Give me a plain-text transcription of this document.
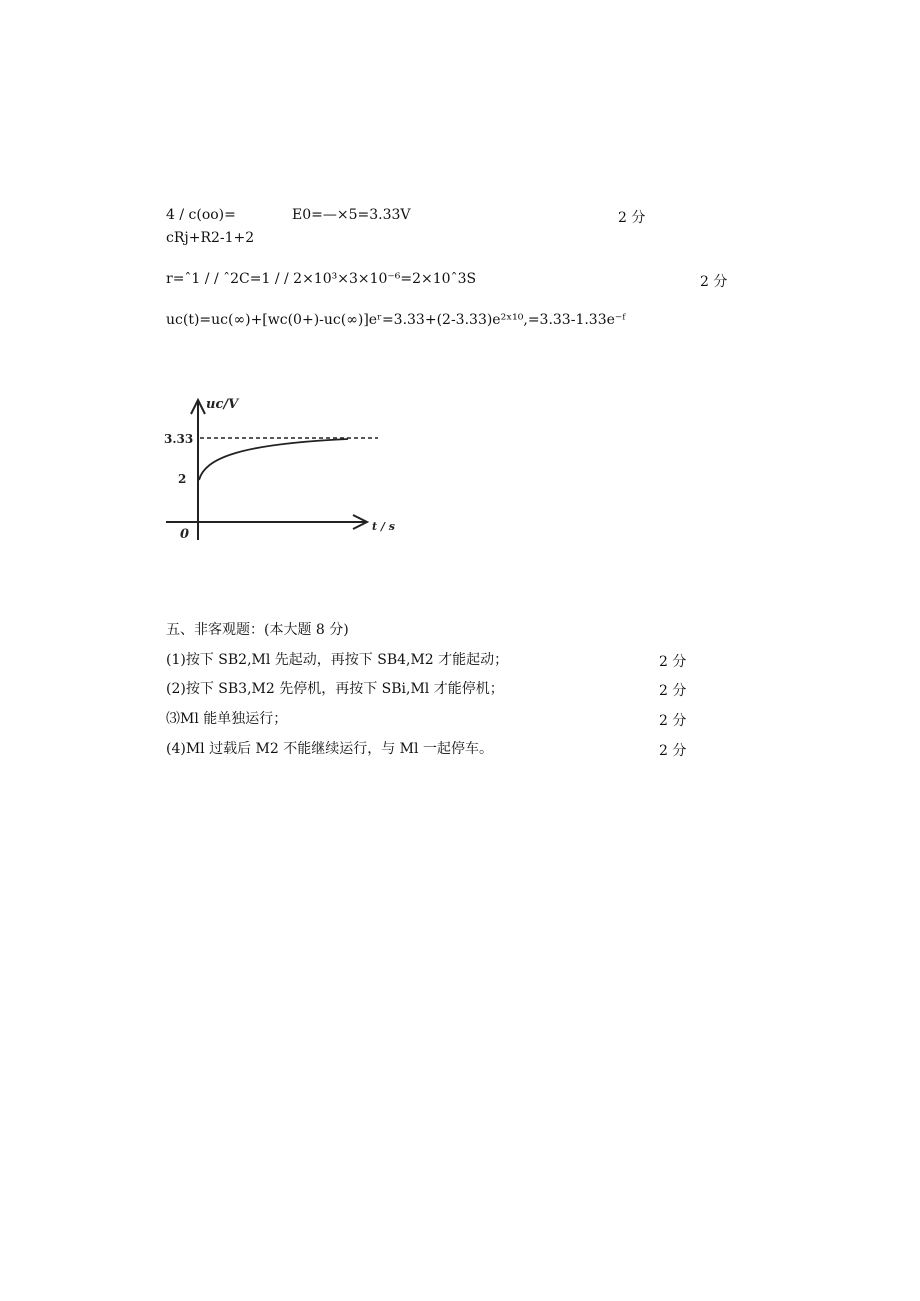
4 / c(oo)=	E0=—×5=3.33V	2 分
cRj+R2-1+2
r=ˆ1 / / ˆ2C=1 / / 2×10³×3×10⁻⁶=2×10ˆ3S	2 分
uc(t)=uc(∞)+[wc(0+)-uc(∞)]eʳ=3.33+(2-3.33)e²ˣ¹⁰,=3.33-1.33e⁻ᶠ
uc/V
3.33
2
0
t / s
五、非客观题：(本大题 8 分)
(1)按下 SB2,Ml 先起动，再按下 SB4,M2 才能起动；	2 分
(2)按下 SB3,M2 先停机，再按下 SBi,Ml 才能停机；	2 分
⑶Ml 能单独运行；	2 分
(4)Ml 过载后 M2 不能继续运行，与 Ml 一起停车。	2 分
